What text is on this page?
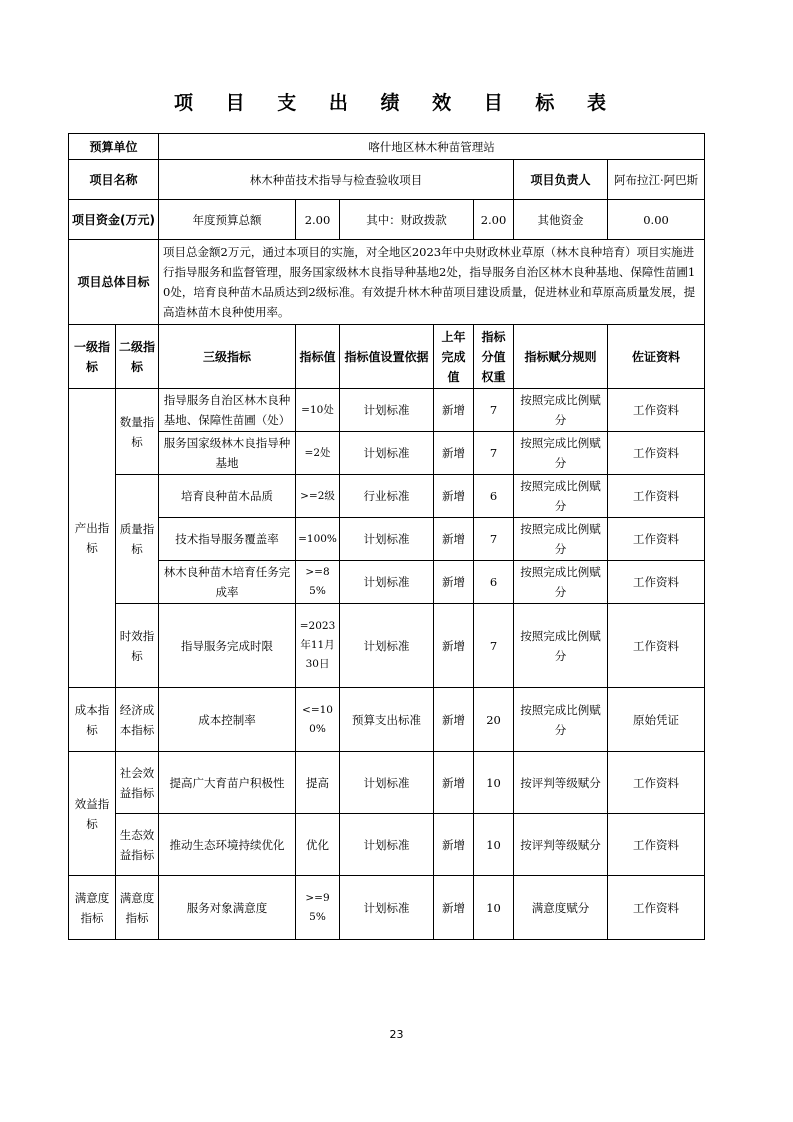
项 目 支 出 绩 效 目 标 表
预算单位		喀什地区林木种苗管理站						
项目名称		林木种苗技术指导与检查验收项目					项目负责人	阿布拉江·阿巴斯
项目资金(万元)		年度预算总额	2.00	其中：财政拨款		2.00	其他资金	0.00
项目总体目标		项目总金额2万元，通过本项目的实施，对全地区2023年中央财政林业草原（林木良种培育）项目实施进行指导服务和监督管理，服务国家级林木良指导种基地2处，指导服务自治区林木良种基地、保障性苗圃10处，培育良种苗木品质达到2级标准。有效提升林木种苗项目建设质量，促进林业和草原高质量发展，提高造林苗木良种使用率。						
一级指标	二级指标	三级指标	指标值	指标值设置依据	上年完成值	指标分值权重	指标赋分规则	佐证资料
产出指标	数量指标	指导服务自治区林木良种基地、保障性苗圃（处）	=10处	计划标准	新增	7	按照完成比例赋分	工作资料
		服务国家级林木良指导种基地	=2处	计划标准	新增	7	按照完成比例赋分	工作资料
	质量指标	培育良种苗木品质	>=2级	行业标准	新增	6	按照完成比例赋分	工作资料
		技术指导服务覆盖率	=100%	计划标准	新增	7	按照完成比例赋分	工作资料
		林木良种苗木培育任务完成率	>=85%	计划标准	新增	6	按照完成比例赋分	工作资料
	时效指标	指导服务完成时限	=2023年11月30日	计划标准	新增	7	按照完成比例赋分	工作资料
成本指标	经济成本指标	成本控制率	<=100%	预算支出标准	新增	20	按照完成比例赋分	原始凭证
效益指标	社会效益指标	提高广大育苗户积极性	提高	计划标准	新增	10	按评判等级赋分	工作资料
	生态效益指标	推动生态环境持续优化	优化	计划标准	新增	10	按评判等级赋分	工作资料
满意度指标	满意度指标	服务对象满意度	>=95%	计划标准	新增	10	满意度赋分	工作资料
23
